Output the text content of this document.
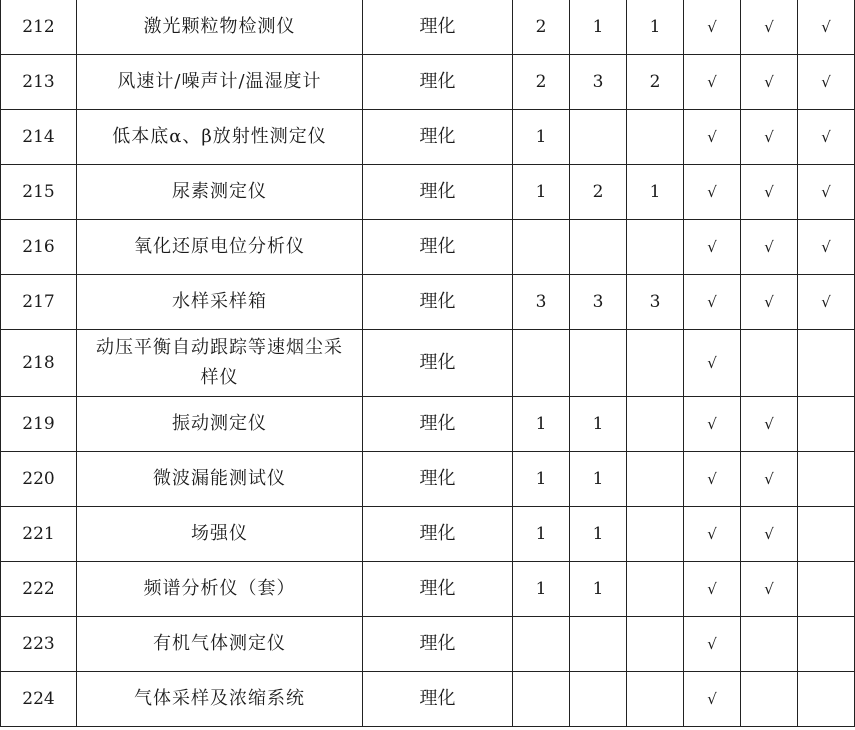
212	激光颗粒物检测仪	理化	2	1	1	√	√	√
213	风速计/噪声计/温湿度计	理化	2	3	2	√	√	√
214	低本底α、β放射性测定仪	理化	1			√	√	√
215	尿素测定仪	理化	1	2	1	√	√	√
216	氧化还原电位分析仪	理化				√	√	√
217	水样采样箱	理化	3	3	3	√	√	√
218	动压平衡自动跟踪等速烟尘采样仪	理化				√		
219	振动测定仪	理化	1	1		√	√	
220	微波漏能测试仪	理化	1	1		√	√	
221	场强仪	理化	1	1		√	√	
222	频谱分析仪（套）	理化	1	1		√	√	
223	有机气体测定仪	理化				√		
224	气体采样及浓缩系统	理化				√		
